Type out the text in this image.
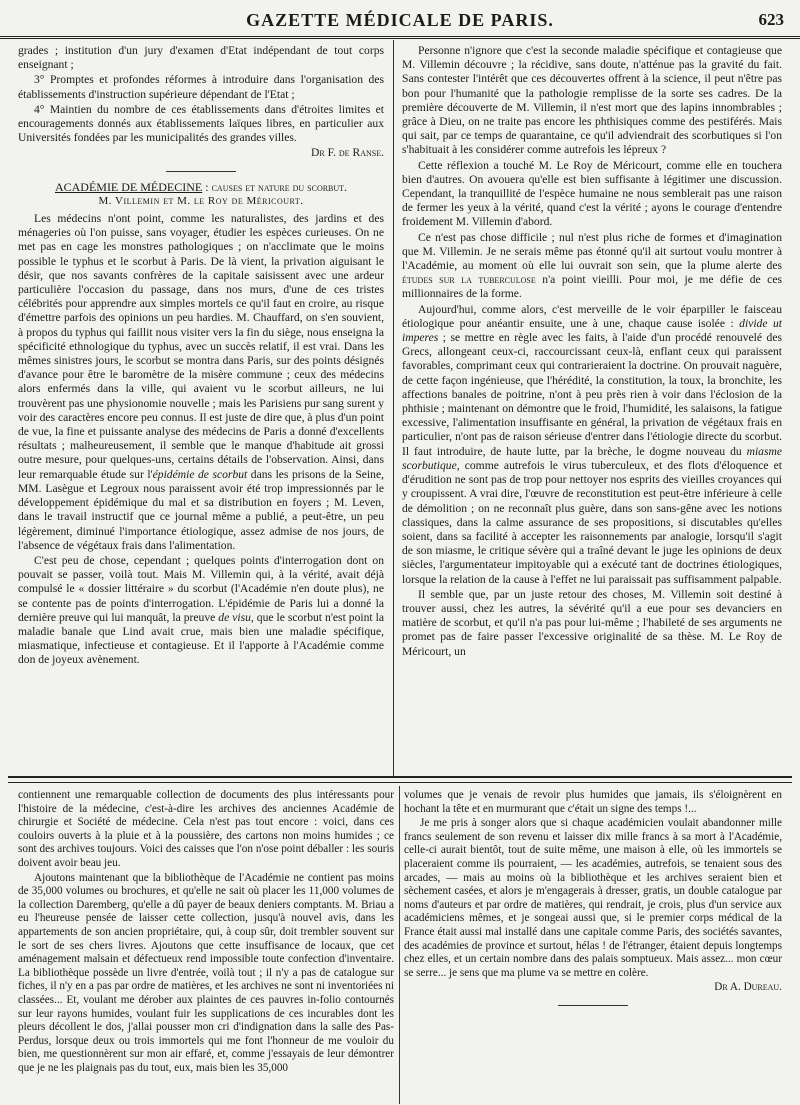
GAZETTE MÉDICALE DE PARIS.	623

grades ; institution d'un jury d'examen d'Etat indépendant de tout corps enseignant ;

3° Promptes et profondes réformes à introduire dans l'organisation des établissements d'instruction supérieure dépendant de l'Etat ;

4° Maintien du nombre de ces établissements dans d'étroites limites et encouragements donnés aux établissements laïques libres, en particulier aux Universités fondées par les municipalités des grandes villes.

Dr F. de Ranse.

ACADÉMIE DE MÉDECINE : causes et nature du scorbut.
M. Villemin et M. le Roy de Méricourt.

Les médecins n'ont point, comme les naturalistes, des jardins et des ménageries où l'on puisse, sans voyager, étudier les espèces curieuses. On ne met pas en cage les monstres pathologiques ; on n'acclimate que le moins possible le typhus et le scorbut à Paris. De là vient, la privation aiguisant le désir, que nos savants confrères de la capitale saisissent avec une ardeur particulière l'occasion du passage, dans nos murs, d'une de ces tristes célébrités pour apprendre aux simples mortels ce qu'il faut en croire, au risque d'émettre parfois des opinions un peu hardies. M. Chauffard, on s'en souvient, à propos du typhus qui faillit nous visiter vers la fin du siège, nous enseigna la spécificité ethnologique du typhus, avec un succès relatif, il est vrai. Dans les mêmes sinistres jours, le scorbut se montra dans Paris, sur des points désignés d'avance pour être le baromètre de la misère commune ; ceux des médecins alors enfermés dans la ville, qui avaient vu le scorbut ailleurs, ne lui trouvèrent pas une physionomie nouvelle ; mais les Parisiens pur sang surent y voir des caractères encore peu connus. Il est juste de dire que, à plus d'un point de vue, la fine et puissante analyse des médecins de Paris a donné d'excellents résultats ; malheureusement, il semble que le manque d'habitude ait grossi outre mesure, pour quelques-uns, certains détails de l'observation. Ainsi, dans leur remarquable étude sur l'épidémie de scorbut dans les prisons de la Seine, MM. Lasègue et Legroux nous paraissent avoir été trop impressionnés par le développement épidémique du mal et sa distribution en foyers ; M. Leven, dans le travail instructif que ce journal même a publié, a peut-être, un peu légèrement, diminué l'importance étiologique, assez admise de nos jours, de l'absence de végétaux frais dans l'alimentation.

C'est peu de chose, cependant ; quelques points d'interrogation dont on pouvait se passer, voilà tout. Mais M. Villemin qui, à la vérité, avait déjà compulsé le « dossier littéraire » du scorbut (l'Académie n'en doute plus), ne se contente pas de points d'interrogation. L'épidémie de Paris lui a donné la dernière preuve qui lui manquât, la preuve de visu, que le scorbut n'est point la maladie banale que Lind avait crue, mais bien une maladie spécifique, miasmatique, infectieuse et contagieuse. Et il l'apporte à l'Académie comme don de joyeux avènement.

Personne n'ignore que c'est la seconde maladie spécifique et contagieuse que M. Villemin découvre ; la récidive, sans doute, n'atténue pas la gravité du fait. Sans contester l'intérêt que ces découvertes offrent à la science, il peut n'être pas bon pour l'humanité que la pathologie remplisse de la sorte ses cadres. De la première découverte de M. Villemin, il n'est mort que des lapins innombrables ; grâce à Dieu, on ne traite pas encore les phthisiques comme des pestiférés. Mais qui sait, par ce temps de quarantaine, ce qu'il adviendrait des scorbutiques si l'on s'habituait à les considérer comme autrefois les lépreux ?

Cette réflexion a touché M. Le Roy de Méricourt, comme elle en touchera bien d'autres. On avouera qu'elle est bien suffisante à légitimer une discussion. Cependant, la tranquillité de l'espèce humaine ne nous semblerait pas une raison de fermer les yeux à la vérité, quand c'est la vérité ; ayons le courage d'entendre froidement M. Villemin d'abord.

Ce n'est pas chose difficile ; nul n'est plus riche de formes et d'imagination que M. Villemin. Je ne serais même pas étonné qu'il ait surtout voulu montrer à l'Académie, au moment où elle lui ouvrait son sein, que la plume alerte des études sur la tuberculose n'a point vieilli. Pour moi, je me défie de ces millionnaires de la forme.

Aujourd'hui, comme alors, c'est merveille de le voir éparpiller le faisceau étiologique pour anéantir ensuite, une à une, chaque cause isolée : divide ut imperes ; se mettre en règle avec les faits, à l'aide d'un procédé renouvelé des Grecs, allongeant ceux-ci, raccourcissant ceux-là, enflant ceux qui paraissent favorables, comprimant ceux qui contrarieraient la doctrine. On prouvait naguère, de cette façon ingénieuse, que l'hérédité, la constitution, la toux, la bronchite, les affections banales de poitrine, n'ont à peu près rien à voir dans l'éclosion de la phthisie ; maintenant on démontre que le froid, l'humidité, les salaisons, la fatigue excessive, l'alimentation insuffisante en général, la privation de végétaux frais en particulier, n'ont pas de raison sérieuse d'entrer dans l'étiologie directe du scorbut. Il faut introduire, de haute lutte, par la brèche, le dogme nouveau du miasme scorbutique, comme autrefois le virus tuberculeux, et des flots d'éloquence et d'érudition ne sont pas de trop pour nettoyer nos esprits des vieilles croyances qui y croupissent. A vrai dire, l'œuvre de reconstitution est peut-être inférieure à celle de démolition ; on ne reconnaît plus guère, dans son sans-gêne avec les notions classiques, dans la calme assurance de ses propositions, si discutables qu'elles soient, dans sa facilité à accepter les raisonnements par analogie, lorsqu'il s'agit de son miasme, le critique sévère qui a traîné devant le juge les opinions de deux siècles, l'argumentateur impitoyable qui a exécuté tant de doctrines étiologiques, lorsque la relation de la cause à l'effet ne lui paraissait pas suffisamment palpable.

Il semble que, par un juste retour des choses, M. Villemin soit destiné à trouver aussi, chez les autres, la sévérité qu'il a eue pour ses devanciers en matière de scorbut, et qu'il n'a pas pour lui-même ; l'habileté de ses arguments ne promet pas de faire passer l'excessive originalité de sa thèse. M. Le Roy de Méricourt, un

contiennent une remarquable collection de documents des plus intéressants pour l'histoire de la médecine, c'est-à-dire les archives des anciennes Académie de chirurgie et Société de médecine. Cela n'est pas tout encore : voici, dans ces couloirs ouverts à la pluie et à la poussière, des cartons non moins humides ; ce sont des archives toujours. Voici des caisses que l'on n'ose point déballer : les souris doivent avoir beau jeu.

Ajoutons maintenant que la bibliothèque de l'Académie ne contient pas moins de 35,000 volumes ou brochures, et qu'elle ne sait où placer les 11,000 volumes de la collection Daremberg, qu'elle a dû payer de beaux deniers comptants. M. Briau a eu l'heureuse pensée de laisser cette collection, jusqu'à nouvel avis, dans les appartements de son ancien propriétaire, qui, à coup sûr, doit trembler souvent sur le sort de ses chers livres. Ajoutons que cette insuffisance de locaux, que cet aménagement malsain et défectueux rend impossible toute confection d'inventaire. La bibliothèque possède un livre d'entrée, voilà tout ; il n'y a pas de catalogue sur fiches, il n'y en a pas par ordre de matières, et les archives ne sont ni inventoriées ni classées... Et, voulant me dérober aux plaintes de ces pauvres in-folio contournés sur leur rayons humides, voulant fuir les supplications de ces incurables dont les pleurs décollent le dos, j'allai pousser mon cri d'indignation dans la salle des Pas-Perdus, lorsque deux ou trois immortels qui me font l'honneur de me vouloir du bien, me questionnèrent sur mon air effaré, et, comme j'essayais de leur démontrer que je ne les plaignais pas du tout, eux, mais bien les 35,000

volumes que je venais de revoir plus humides que jamais, ils s'éloignèrent en hochant la tête et en murmurant que c'était un signe des temps !...

Je me pris à songer alors que si chaque académicien voulait abandonner mille francs seulement de son revenu et laisser dix mille francs à sa mort à l'Académie, celle-ci aurait bientôt, tout de suite même, une maison à elle, où les immortels se placeraient comme ils pourraient, — les académies, autrefois, se tenaient sous des arcades, — mais au moins où la bibliothèque et les archives seraient bien et sèchement casées, et alors je m'engagerais à dresser, gratis, un double catalogue par noms d'auteurs et par ordre de matières, qui rendrait, je crois, plus d'un service aux académiciens mêmes, et je songeai aussi que, si le premier corps médical de la France était aussi mal installé dans une capitale comme Paris, des sociétés savantes, des académies de province et surtout, hélas ! de l'étranger, étaient depuis longtemps chez elles, et un certain nombre dans des palais somptueux. Mais assez... mon cœur se serre... je sens que ma plume va se mettre en colère.

Dr A. Dureau.
